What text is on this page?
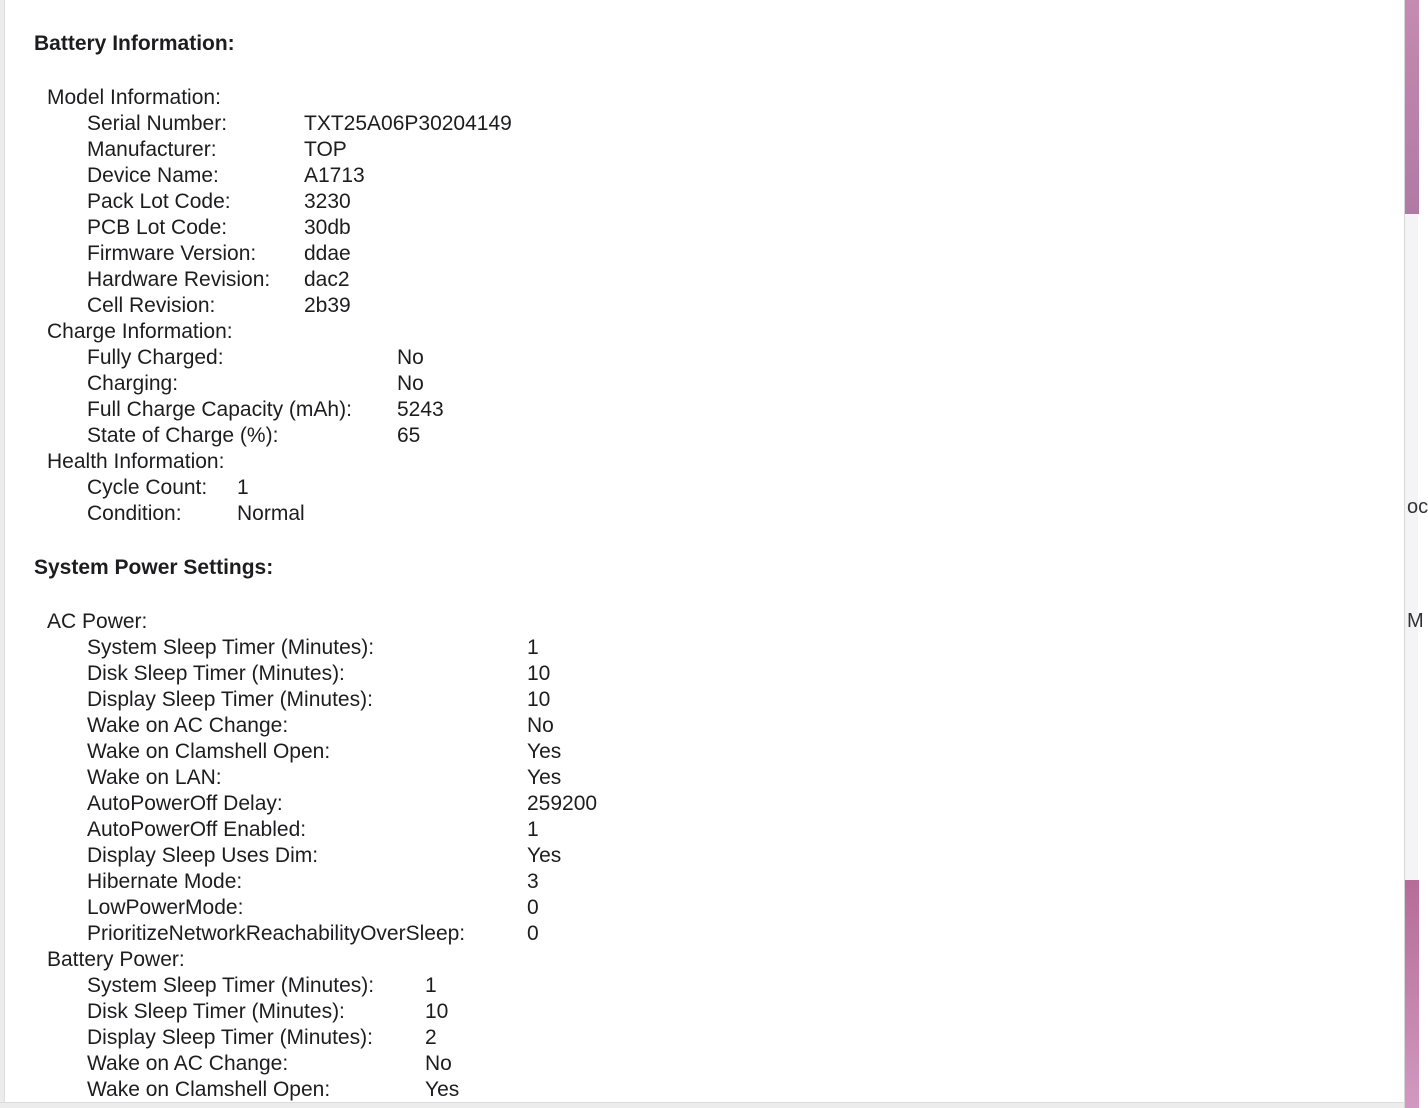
Battery Information:
Model Information:
Serial Number:	TXT25A06P30204149
Manufacturer:	TOP
Device Name:	A1713
Pack Lot Code:	3230
PCB Lot Code:	30db
Firmware Version: ddae
Hardware Revision: dac2
Cell Revision:	2b39
Charge Information:
Fully Charged:	No
Charging:	No
Full Charge Capacity (mAh): 5243
State of Charge (%):	65
Health Information:
Cycle Count: 1
Condition:	Normal
System Power Settings:
AC Power:
System Sleep Timer (Minutes):	1
Disk Sleep Timer (Minutes):	10
Display Sleep Timer (Minutes):	10
Wake on AC Change:	No
Wake on Clamshell Open:	Yes
Wake on LAN:	Yes
AutoPowerOff Delay:	259200
AutoPowerOff Enabled:	1
Display Sleep Uses Dim:	Yes
Hibernate Mode:	3
LowPowerMode:	0
PrioritizeNetworkReachabilityOverSleep:	0
Battery Power:
System Sleep Timer (Minutes): 1
Disk Sleep Timer (Minutes):	10
Display Sleep Timer (Minutes): 2
Wake on AC Change:	No
Wake on Clamshell Open:	Yes
oc
M
